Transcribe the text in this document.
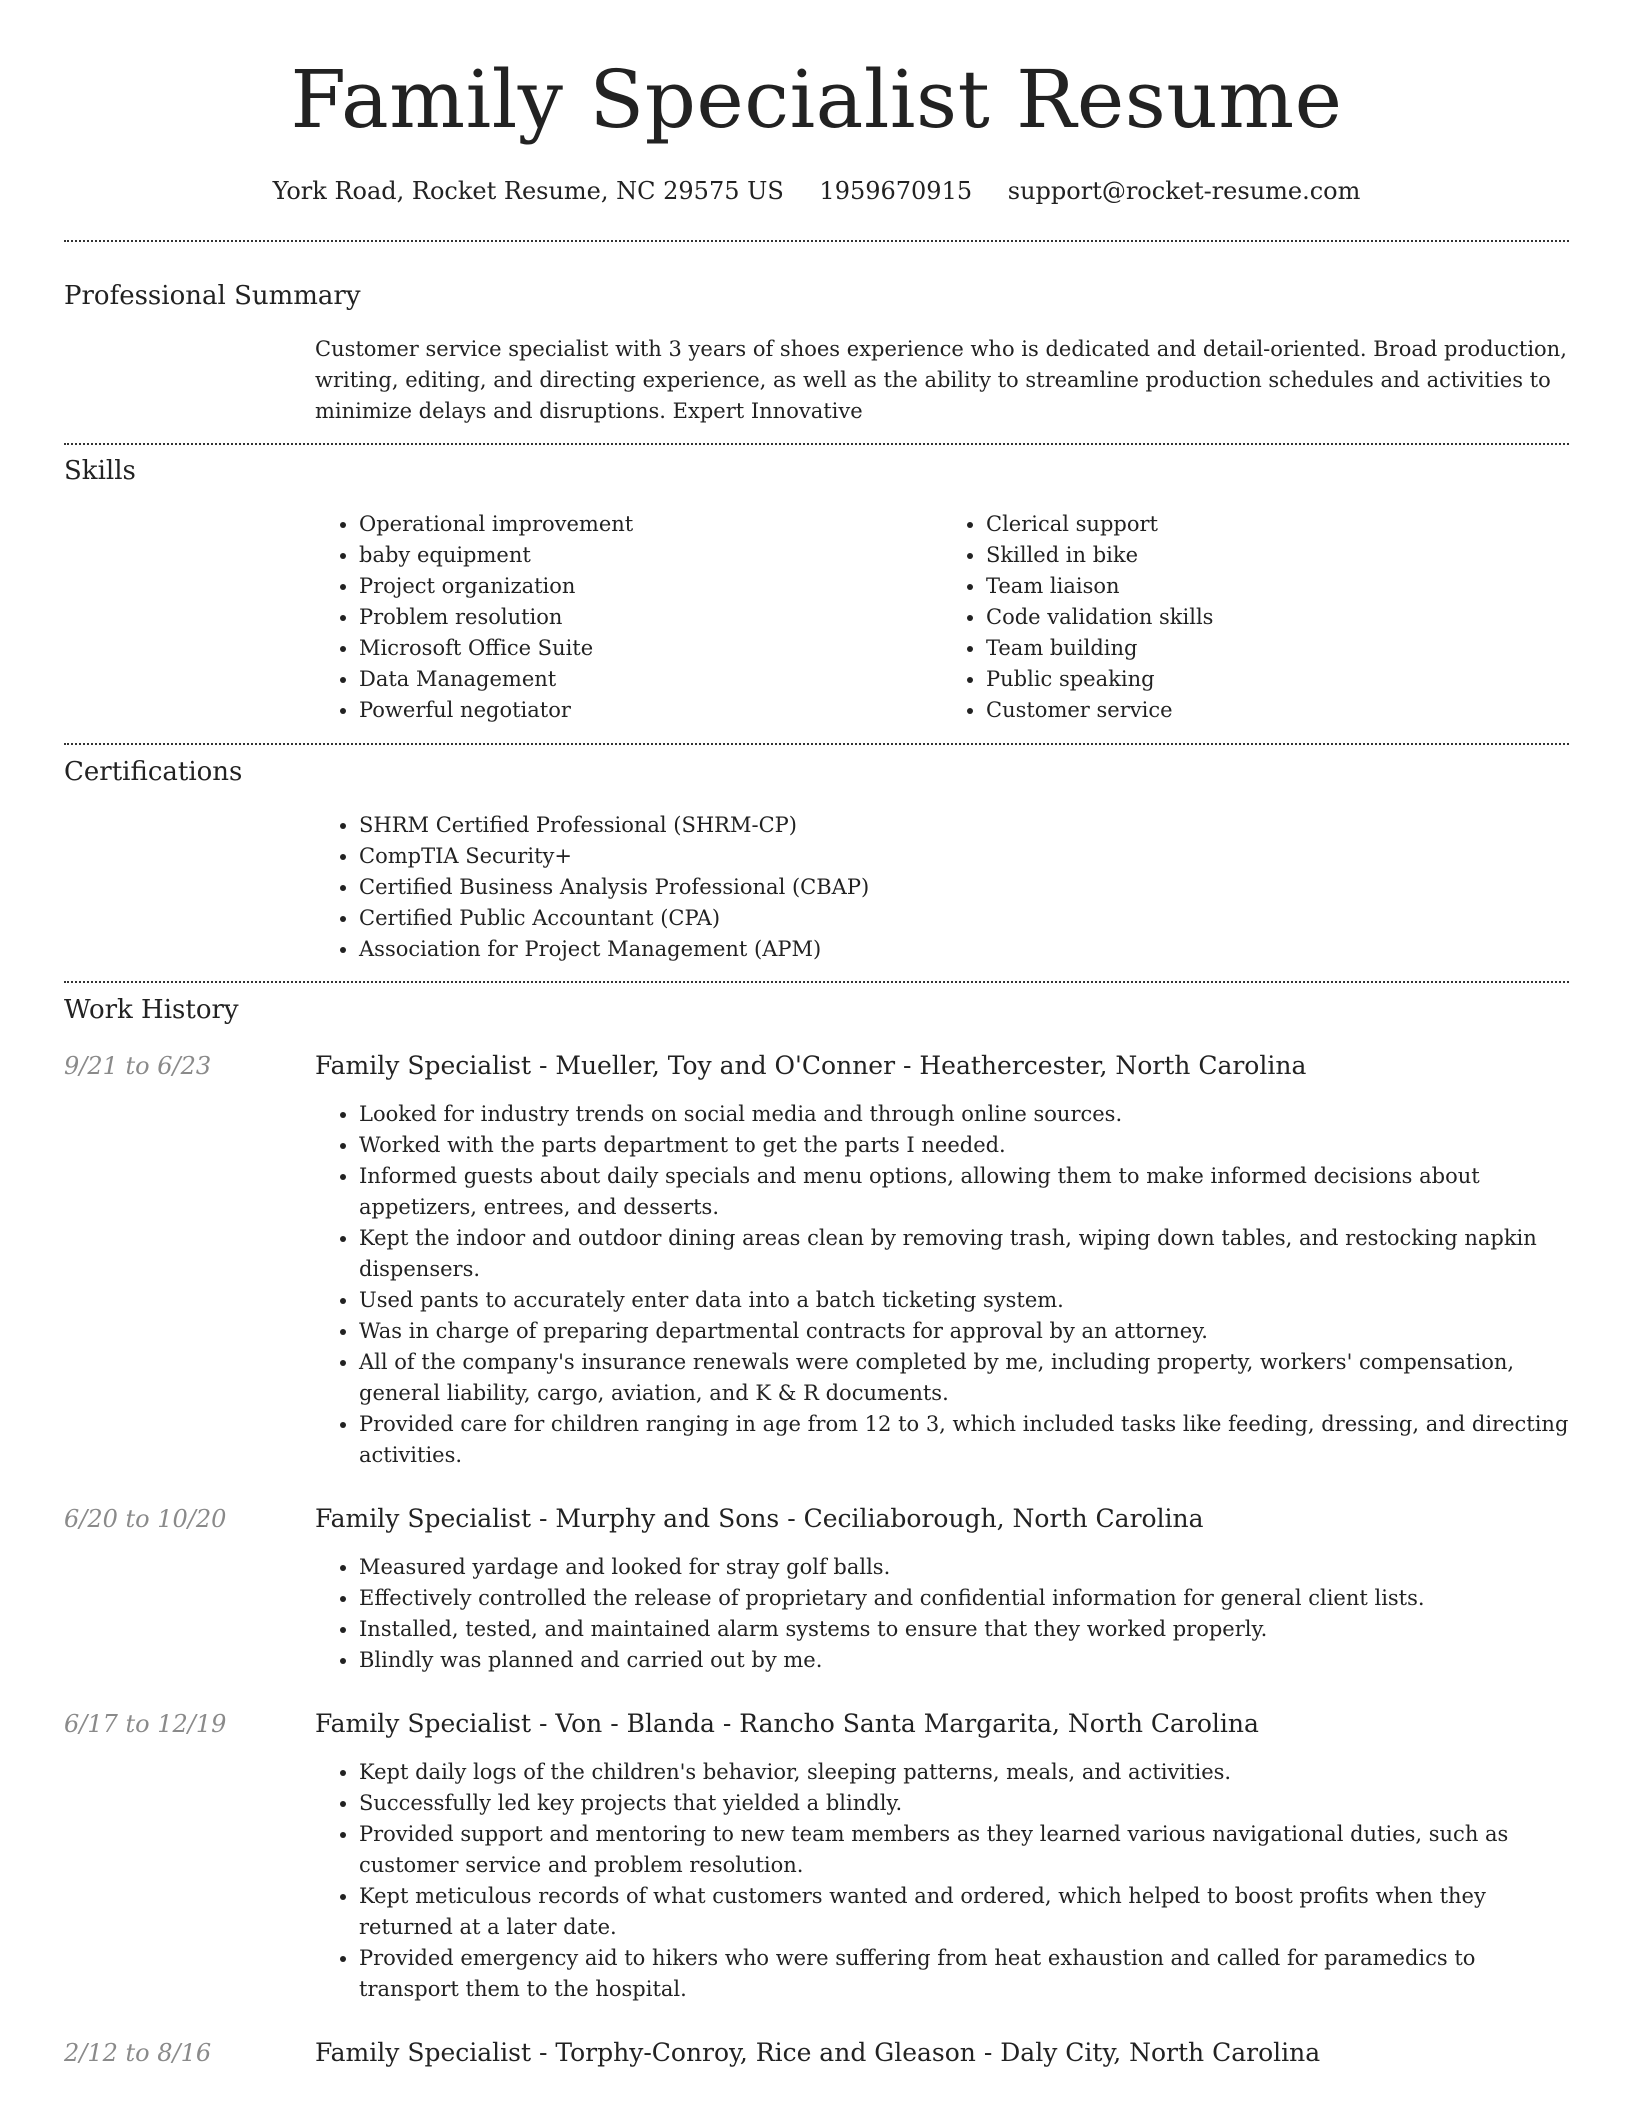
Family Specialist Resume
York Road, Rocket Resume, NC 29575 US 1959670915 support@rocket-resume.com
Professional Summary

Customer service specialist with 3 years of shoes experience who is dedicated and detail-oriented. Broad production, writing, editing, and directing experience, as well as the ability to streamline production schedules and activities to minimize delays and disruptions. Expert Innovative

Skills
• Operational improvement
• baby equipment
• Project organization
• Problem resolution
• Microsoft Office Suite
• Data Management
• Powerful negotiator
• Clerical support
• Skilled in bike
• Team liaison
• Code validation skills
• Team building
• Public speaking
• Customer service
Certifications
• SHRM Certified Professional (SHRM-CP)
• CompTIA Security+
• Certified Business Analysis Professional (CBAP)
• Certified Public Accountant (CPA)
• Association for Project Management (APM)
Work History
9/21 to 6/23	Family Specialist - Mueller, Toy and O'Conner - Heathercester, North Carolina
• Looked for industry trends on social media and through online sources.
• Worked with the parts department to get the parts I needed.
• Informed guests about daily specials and menu options, allowing them to make informed decisions about appetizers, entrees, and desserts.
• Kept the indoor and outdoor dining areas clean by removing trash, wiping down tables, and restocking napkin dispensers.
• Used pants to accurately enter data into a batch ticketing system.
• Was in charge of preparing departmental contracts for approval by an attorney.
• All of the company's insurance renewals were completed by me, including property, workers' compensation, general liability, cargo, aviation, and K & R documents.
• Provided care for children ranging in age from 12 to 3, which included tasks like feeding, dressing, and directing activities.
6/20 to 10/20	Family Specialist - Murphy and Sons - Ceciliaborough, North Carolina
• Measured yardage and looked for stray golf balls.
• Effectively controlled the release of proprietary and confidential information for general client lists.
• Installed, tested, and maintained alarm systems to ensure that they worked properly.
• Blindly was planned and carried out by me.
6/17 to 12/19	Family Specialist - Von - Blanda - Rancho Santa Margarita, North Carolina
• Kept daily logs of the children's behavior, sleeping patterns, meals, and activities.
• Successfully led key projects that yielded a blindly.
• Provided support and mentoring to new team members as they learned various navigational duties, such as customer service and problem resolution.
• Kept meticulous records of what customers wanted and ordered, which helped to boost profits when they returned at a later date.
• Provided emergency aid to hikers who were suffering from heat exhaustion and called for paramedics to transport them to the hospital.
2/12 to 8/16	Family Specialist - Torphy-Conroy, Rice and Gleason - Daly City, North Carolina
